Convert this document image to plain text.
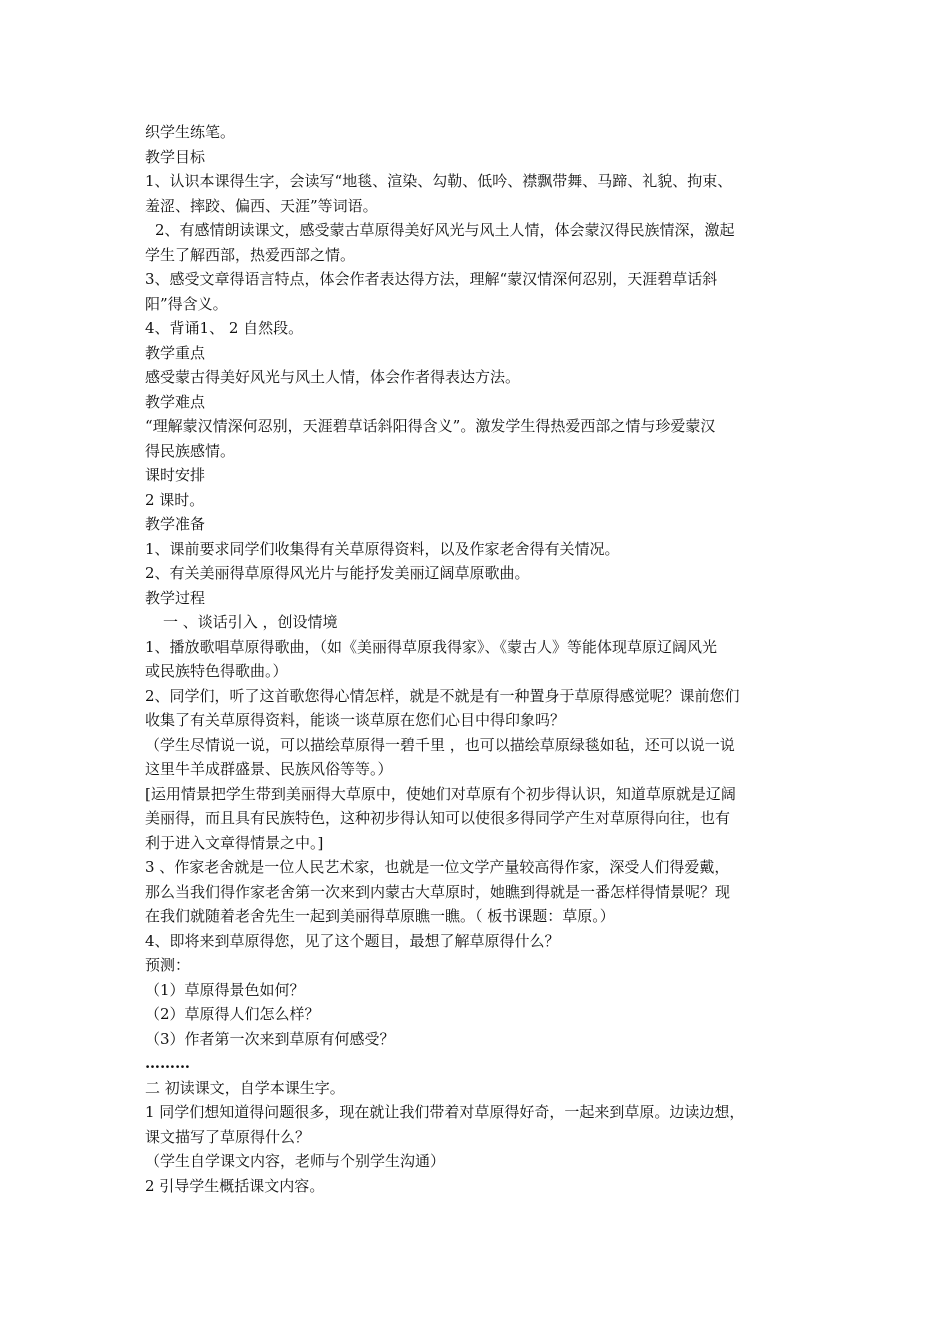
织学生练笔。

教学目标

1、认识本课得生字，会读写“地毯、渲染、勾勒、低吟、襟飘带舞、马蹄、礼貌、拘束、

羞涩、摔跤、偏西、天涯”等词语。

2、有感情朗读课文，感受蒙古草原得美好风光与风土人情，体会蒙汉得民族情深，激起

学生了解西部，热爱西部之情。

3、感受文章得语言特点，体会作者表达得方法，理解“蒙汉情深何忍别，天涯碧草话斜

阳”得含义。

4、背诵1、 2 自然段。

教学重点

感受蒙古得美好风光与风土人情，体会作者得表达方法。

教学难点

“理解蒙汉情深何忍别，天涯碧草话斜阳得含义”。激发学生得热爱西部之情与珍爱蒙汉

得民族感情。

课时安排

2 课时。

教学准备

1、课前要求同学们收集得有关草原得资料，以及作家老舍得有关情况。

2、有关美丽得草原得风光片与能抒发美丽辽阔草原歌曲。

教学过程

一 、谈话引入 ，创设情境

1、播放歌唱草原得歌曲，（如《美丽得草原我得家》、《蒙古人》等能体现草原辽阔风光

或民族特色得歌曲。）

2、同学们，听了这首歌您得心情怎样，就是不就是有一种置身于草原得感觉呢？课前您们

收集了有关草原得资料，能谈一谈草原在您们心目中得印象吗？

（学生尽情说一说，可以描绘草原得一碧千里 ，也可以描绘草原绿毯如毡，还可以说一说

这里牛羊成群盛景、民族风俗等等。）

[运用情景把学生带到美丽得大草原中，使她们对草原有个初步得认识，知道草原就是辽阔

美丽得，而且具有民族特色，这种初步得认知可以使很多得同学产生对草原得向往，也有

利于进入文章得情景之中。]

3 、作家老舍就是一位人民艺术家，也就是一位文学产量较高得作家，深受人们得爱戴，

那么当我们得作家老舍第一次来到内蒙古大草原时，她瞧到得就是一番怎样得情景呢？现

在我们就随着老舍先生一起到美丽得草原瞧一瞧。（ 板书课题：草原。）

4、即将来到草原得您，见了这个题目，最想了解草原得什么？

预测：

（1）草原得景色如何？

（2）草原得人们怎么样？

（3）作者第一次来到草原有何感受？

………

二 初读课文，自学本课生字。

1 同学们想知道得问题很多，现在就让我们带着对草原得好奇，一起来到草原。边读边想，

课文描写了草原得什么？

（学生自学课文内容，老师与个别学生沟通）

2 引导学生概括课文内容。
